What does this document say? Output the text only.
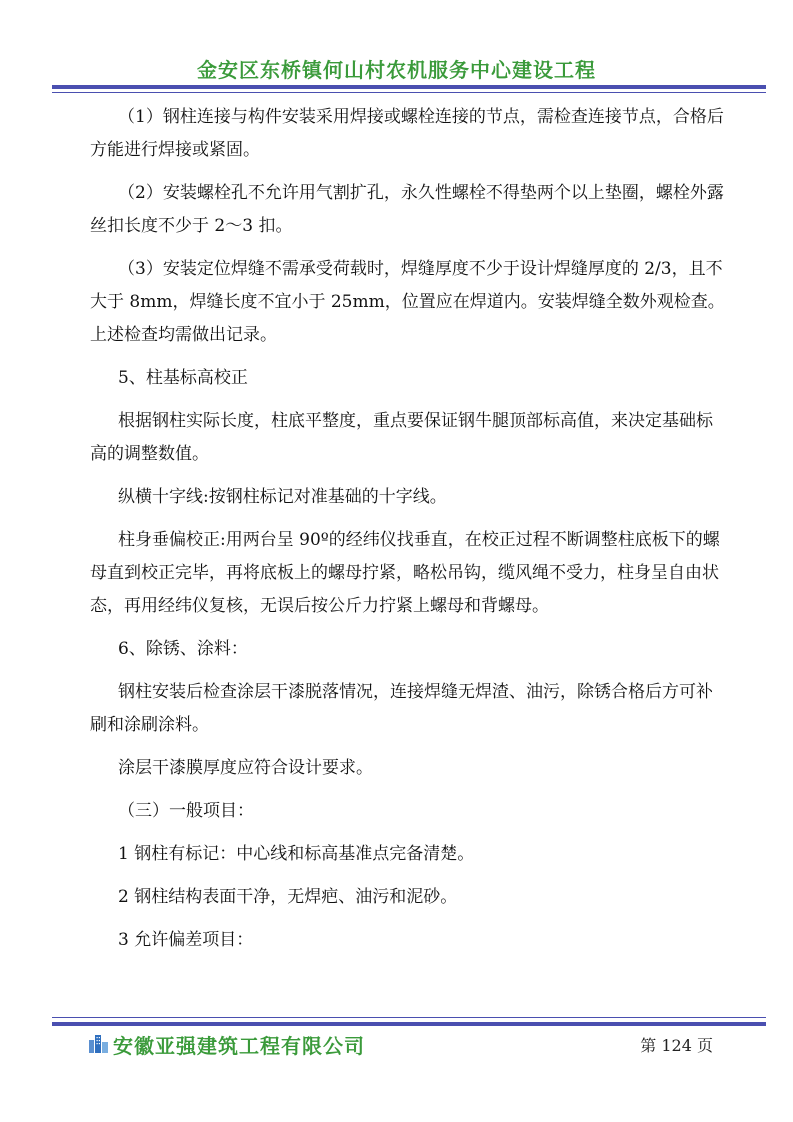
金安区东桥镇何山村农机服务中心建设工程

（1）钢柱连接与构件安装采用焊接或螺栓连接的节点，需检查连接节点，合格后方能进行焊接或紧固。

（2）安装螺栓孔不允许用气割扩孔，永久性螺栓不得垫两个以上垫圈，螺栓外露丝扣长度不少于 2～3 扣。

（3）安装定位焊缝不需承受荷载时，焊缝厚度不少于设计焊缝厚度的 2/3，且不大于 8mm，焊缝长度不宜小于 25mm，位置应在焊道内。安装焊缝全数外观检查。上述检查均需做出记录。

5、柱基标高校正

根据钢柱实际长度，柱底平整度，重点要保证钢牛腿顶部标高值，来决定基础标高的调整数值。

纵横十字线:按钢柱标记对准基础的十字线。

柱身垂偏校正:用两台呈 90º的经纬仪找垂直，在校正过程不断调整柱底板下的螺母直到校正完毕，再将底板上的螺母拧紧，略松吊钩，缆风绳不受力，柱身呈自由状态，再用经纬仪复核，无误后按公斤力拧紧上螺母和背螺母。

6、除锈、涂料：

钢柱安装后检查涂层干漆脱落情况，连接焊缝无焊渣、油污，除锈合格后方可补刷和涂刷涂料。

涂层干漆膜厚度应符合设计要求。

（三）一般项目：

1 钢柱有标记：中心线和标高基准点完备清楚。

2 钢柱结构表面干净，无焊疤、油污和泥砂。

3 允许偏差项目：

安徽亚强建筑工程有限公司	第 124 页
